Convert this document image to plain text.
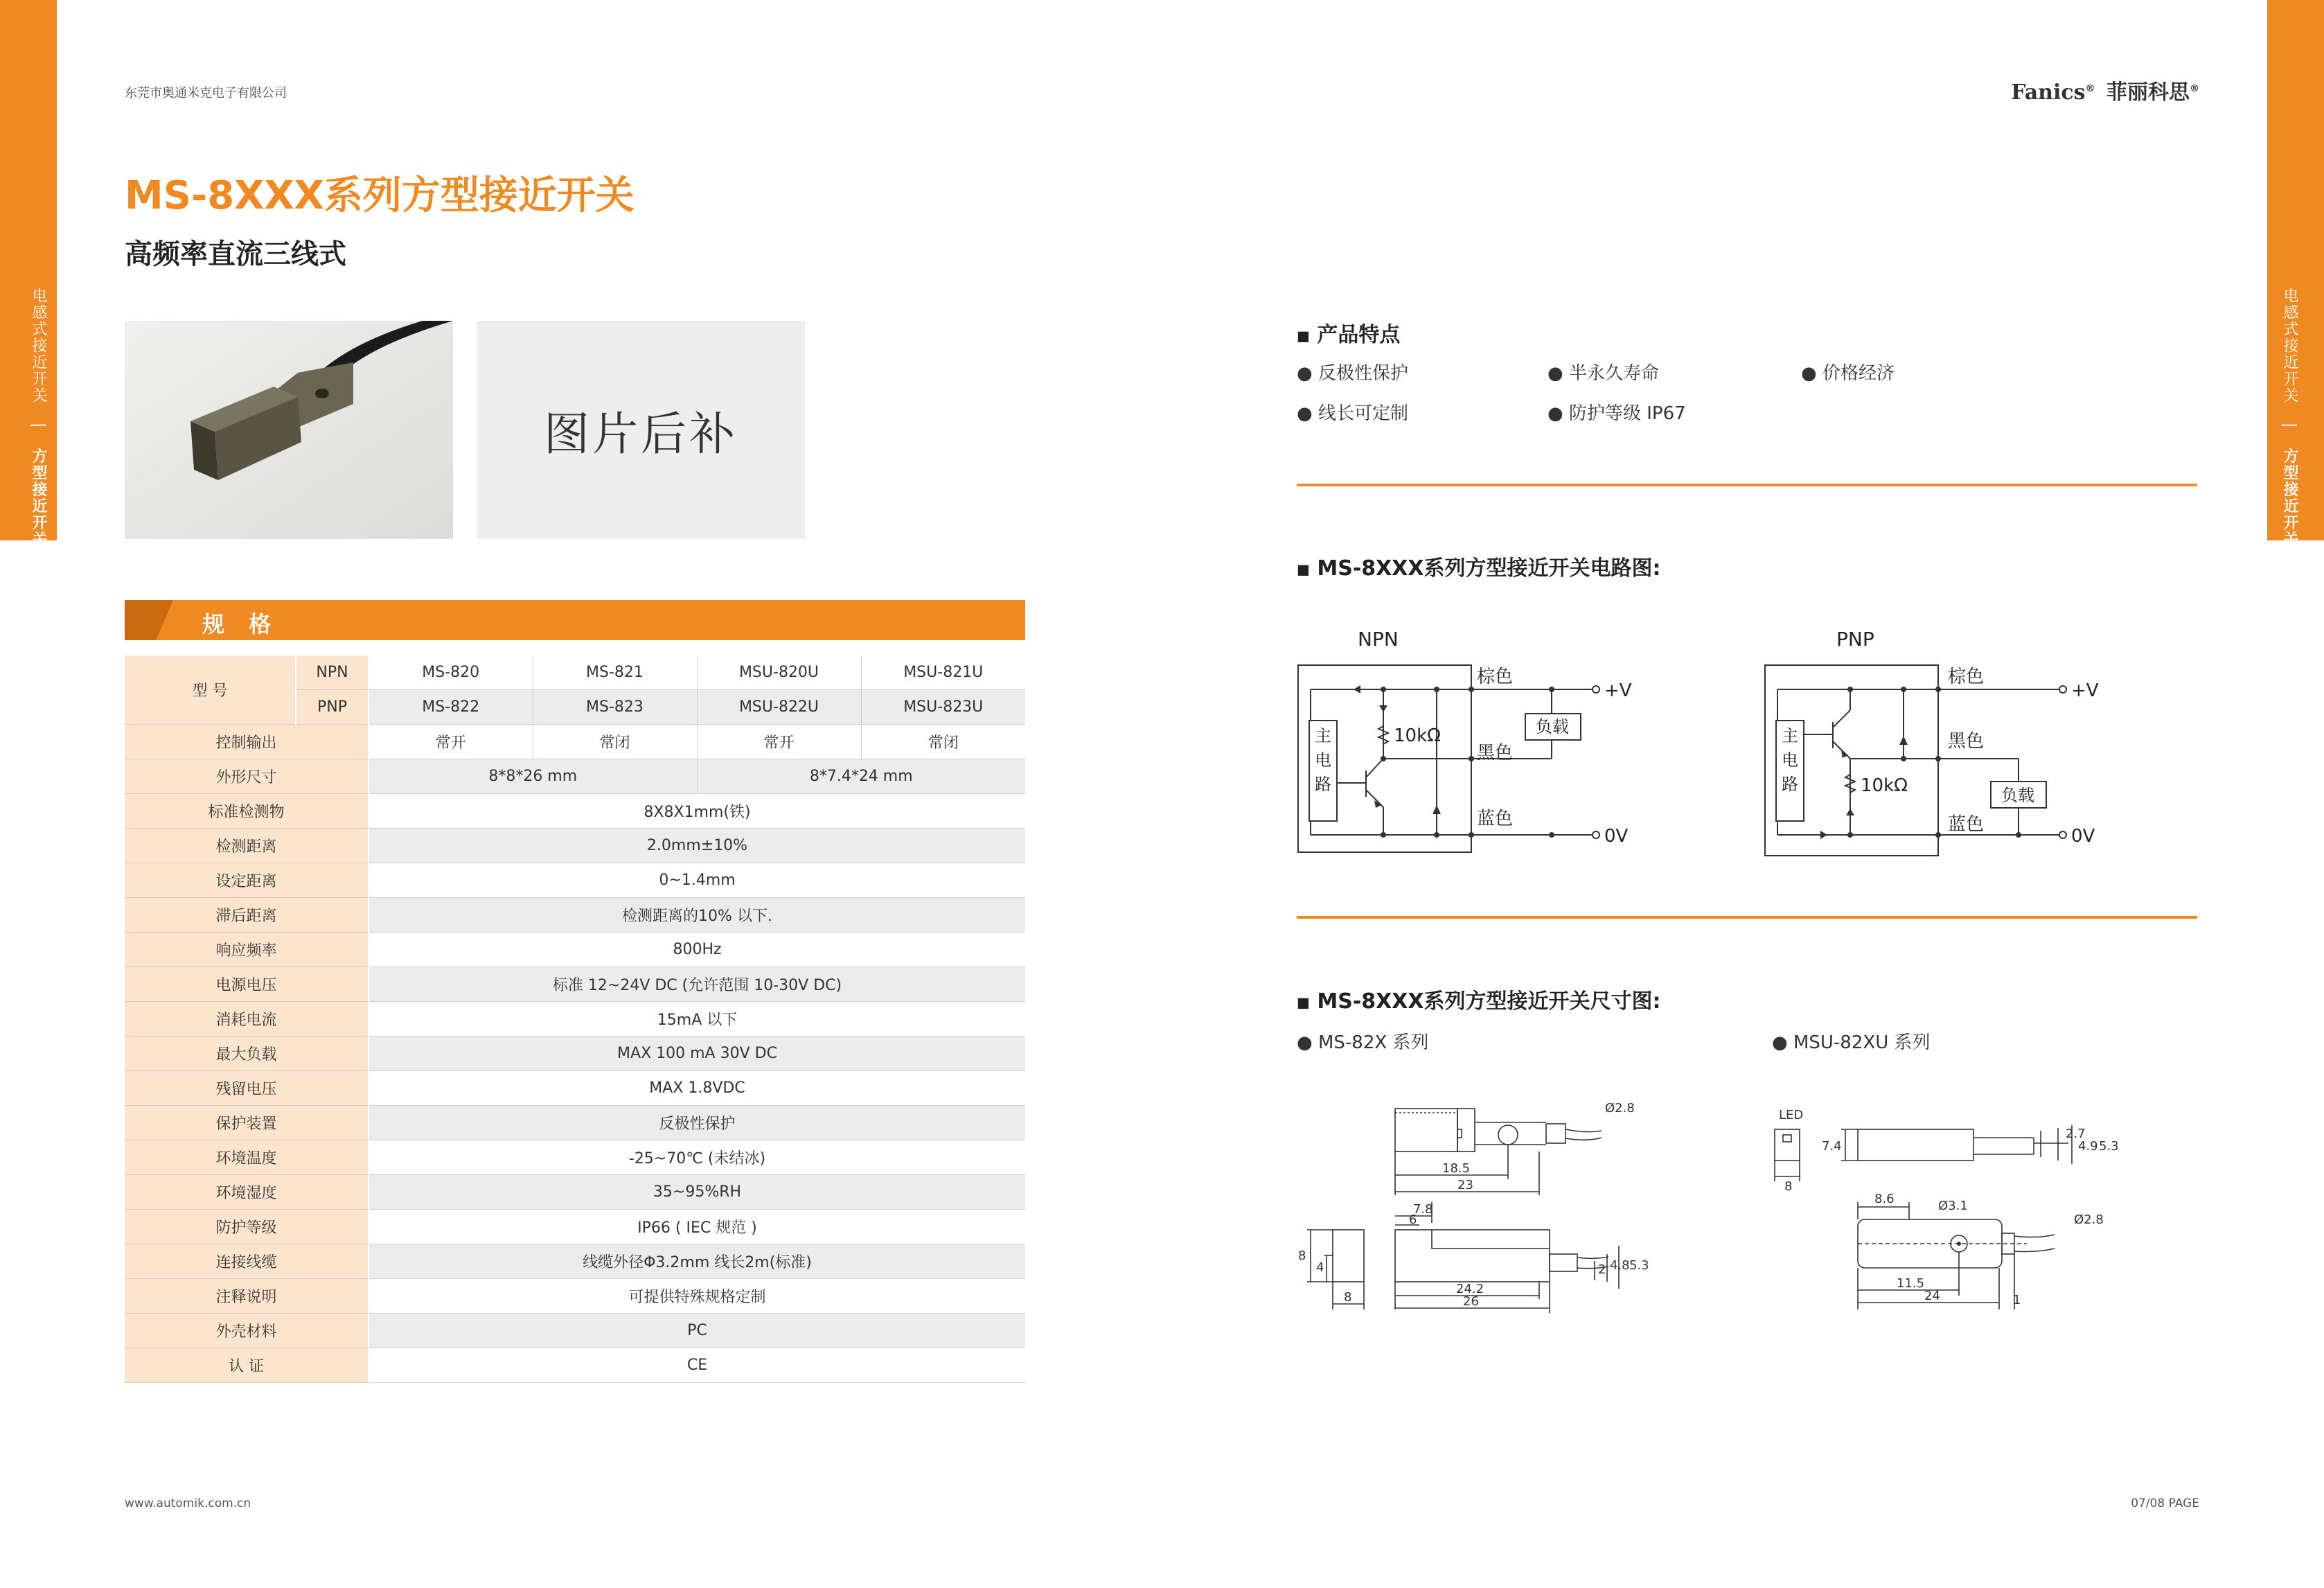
电感式接近开关 | 方型接近开关
电感式接近开关 | 方型接近开关
东莞市奥通米克电子有限公司	Fanics® 菲丽科思®
MS-8XXX系列方型接近开关
高频率直流三线式
图片后补
规 格
型 号	NPN	MS-820	MS-821	MSU-820U	MSU-821U
	PNP	MS-822	MS-823	MSU-822U	MSU-823U
控制输出		常开	常闭	常开	常闭
外形尺寸		8*8*26 mm		8*7.4*24 mm	
标准检测物		8X8X1mm(铁)			
检测距离		2.0mm±10%			
设定距离		0~1.4mm			
滞后距离		检测距离的10% 以下.			
响应频率		800Hz			
电源电压		标准 12~24V DC (允许范围 10-30V DC)			
消耗电流		15mA 以下			
最大负载		MAX 100 mA 30V DC			
残留电压		MAX 1.8VDC			
保护装置		反极性保护			
环境温度		-25~70℃ (未结冰)			
环境湿度		35~95%RH			
防护等级		IP66 ( IEC 规范 )			
连接线缆		线缆外径Φ3.2mm 线长2m(标准)			
注释说明		可提供特殊规格定制			
外壳材料		PC			
认 证		CE			
■ 产品特点
● 反极性保护	● 半永久寿命	● 价格经济
● 线长可定制	● 防护等级 IP67
■ MS-8XXX系列方型接近开关电路图:
NPN
主
电
路
10kΩ
棕色
黑色
蓝色
负载
+V
0V
PNP
主
电
路	10kΩ
棕色
黑色
蓝色
负载
+V
0V
■ MS-8XXX系列方型接近开关尺寸图:
● MS-82X 系列	● MSU-82XU 系列
Ø2.8
18.5
23
7.8
6
8
4
8
24.2
26
2 4.8 5.3
LED
8
7.4
2.7
4.9 5.3
8.6	Ø3.1
Ø2.8
11.5
24	1
www.automik.com.cn	07/08 PAGE
